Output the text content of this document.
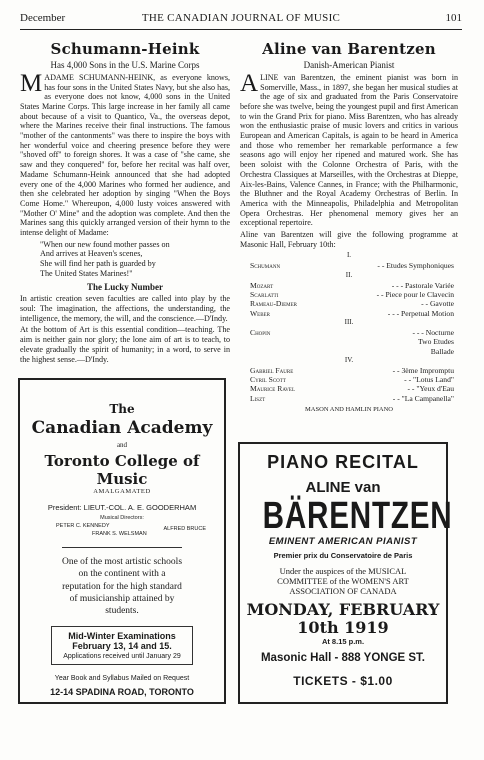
December	THE CANADIAN JOURNAL OF MUSIC	101
Schumann-Heink
Has 4,000 Sons in the U.S. Marine Corps

MADAME SCHUMANN-HEINK, as everyone knows, has four sons in the United States Navy, but she also has, as everyone does not know, 4,000 sons in the United States Marine Corps. This large increase in her family all came about because of a visit to Quantico, Va., the overseas depot, where the Marines receive their final instructions. The famous "mother of the cantonments" was there to inspire the boys with her wonderful voice and cheering presence before they were "shoved off" to foreign shores. It was a case of "she came, she saw and they conquered" for, before her recital was half over, Madame Schumann-Heink announced that she had adopted every one of the 4,000 Marines who formed her audience, and then she celebrated her adoption by singing "When the Boys Come Home." Whereupon, 4,000 lusty voices answered with "Mother O' Mine" and the adoption was complete. And then the Marines sang this quickly arranged version of their hymn to the intense delight of Madame:

"When our new found mother passes on
And arrives at Heaven's scenes,
She will find her path is guarded by
The United States Marines!"
The Lucky Number

In artistic creation seven faculties are called into play by the soul: The imagination, the affections, the understanding, the intelligence, the memory, the will, and the conscience.—D'Indy.

At the bottom of Art is this essential condition—teaching. The aim is neither gain nor glory; the lone aim of art is to teach, to elevate gradually the spirit of humanity; in a word, to serve in the highest sense.—D'Indy.

Aline van Barentzen
Danish-American Pianist

ALINE van Barentzen, the eminent pianist was born in Somerville, Mass., in 1897, she began her musical studies at the age of six and graduated from the Paris Conservatoire before she was twelve, being the youngest pupil and first American to win the Grand Prix for piano. Miss Barentzen, who has already won the enthusiastic praise of music lovers and critics in various European and American Capitals, is again to be heard in America and those who remember her remarkable performance a few seasons ago will enjoy her ripened and matured work. She has been soloist with the Colonne Orchestra of Paris, with the Orchestra Classiques at Marseilles, with the Orchestras at Dieppe, Aix-les-Bains, Valence Cannes, in France; with the Philharmonic, the Bluthner and the Royal Academy Orchestras of Berlin. In America with the Minneapolis, Philadelphia and Metropolitan Opera Orchestras. Her phenomenal memory gives her an exceptional repertoire.

Aline van Barentzen will give the following programme at Masonic Hall, February 10th:

I.
Schumann	- - Etudes Symphoniques
II.
Mozart	- - - Pastorale Variée
Scarlatti	- - Piece pour le Clavecin
Rameau-Diemer	- - Gavotte
Weber	- - - Perpetual Motion
III.
Chopin	- - - Nocturne
Two Etudes
Ballade
IV.
Gabriel Faure	- - 3ème Impromptu
Cyril Scott	- - "Lotus Land"
Maurice Ravel	- - "Yeux d'Eau
Liszt	- - "La Campanella"
MASON AND HAMLIN PIANO
The
Canadian Academy
and
Toronto College of Music
AMALGAMATED
President: LIEUT.-COL. A. E. GOODERHAM
Musical Directors:
PETER C. KENNEDY	ALFRED BRUCE
FRANK S. WELSMAN
One of the most artistic schools on the continent with a reputation for the high standard of musicianship attained by students.
Mid-Winter Examinations
February 13, 14 and 15.
Applications received until January 29
Year Book and Syllabus Mailed on Request
12-14 SPADINA ROAD, TORONTO
PIANO RECITAL
ALINE van
BÄRENTZEN
EMINENT AMERICAN PIANIST
Premier prix du Conservatoire de Paris
Under the auspices of the MUSICAL COMMITTEE of the WOMEN'S ART ASSOCIATION OF CANADA
MONDAY, FEBRUARY 10th 1919
At 8.15 p.m.
Masonic Hall - 888 YONGE ST.
TICKETS - $1.00
